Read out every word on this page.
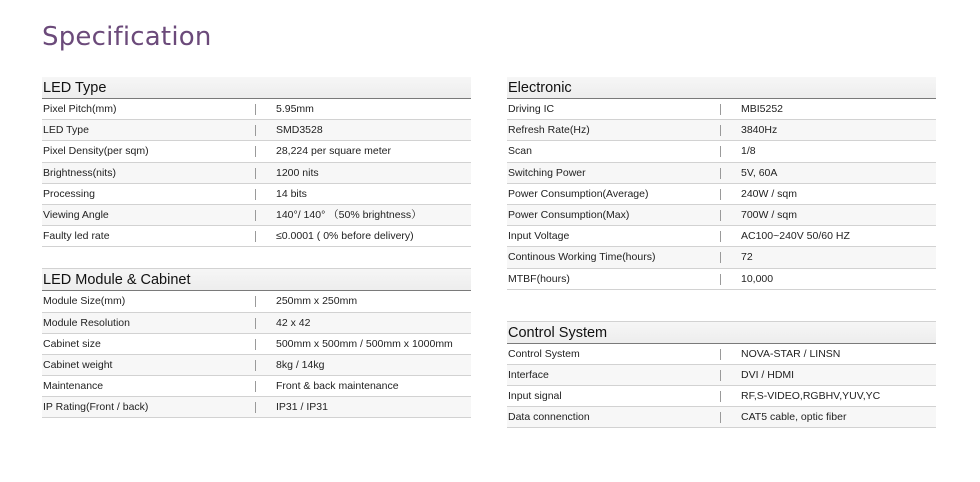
Specification
LED Type
Pixel Pitch(mm)	5.95mm
LED Type	SMD3528
Pixel Density(per sqm)	28,224 per square meter
Brightness(nits)	1200 nits
Processing	14 bits
Viewing Angle	140°/ 140° （50% brightness）
Faulty led rate	≤0.0001 ( 0% before delivery)
LED Module & Cabinet
Module Size(mm)	250mm x 250mm
Module Resolution	42 x 42
Cabinet size	500mm x 500mm / 500mm x 1000mm
Cabinet weight	8kg / 14kg
Maintenance	Front & back maintenance
IP Rating(Front / back)	IP31 / IP31
Electronic
Driving IC	MBI5252
Refresh Rate(Hz)	3840Hz
Scan	1/8
Switching Power	5V, 60A
Power Consumption(Average)	240W / sqm
Power Consumption(Max)	700W / sqm
Input Voltage	AC100~240V 50/60 HZ
Continous Working Time(hours)	72
MTBF(hours)	10,000
Control System
Control System	NOVA-STAR / LINSN
Interface	DVI / HDMI
Input signal	RF,S-VIDEO,RGBHV,YUV,YC
Data connenction	CAT5 cable, optic fiber
